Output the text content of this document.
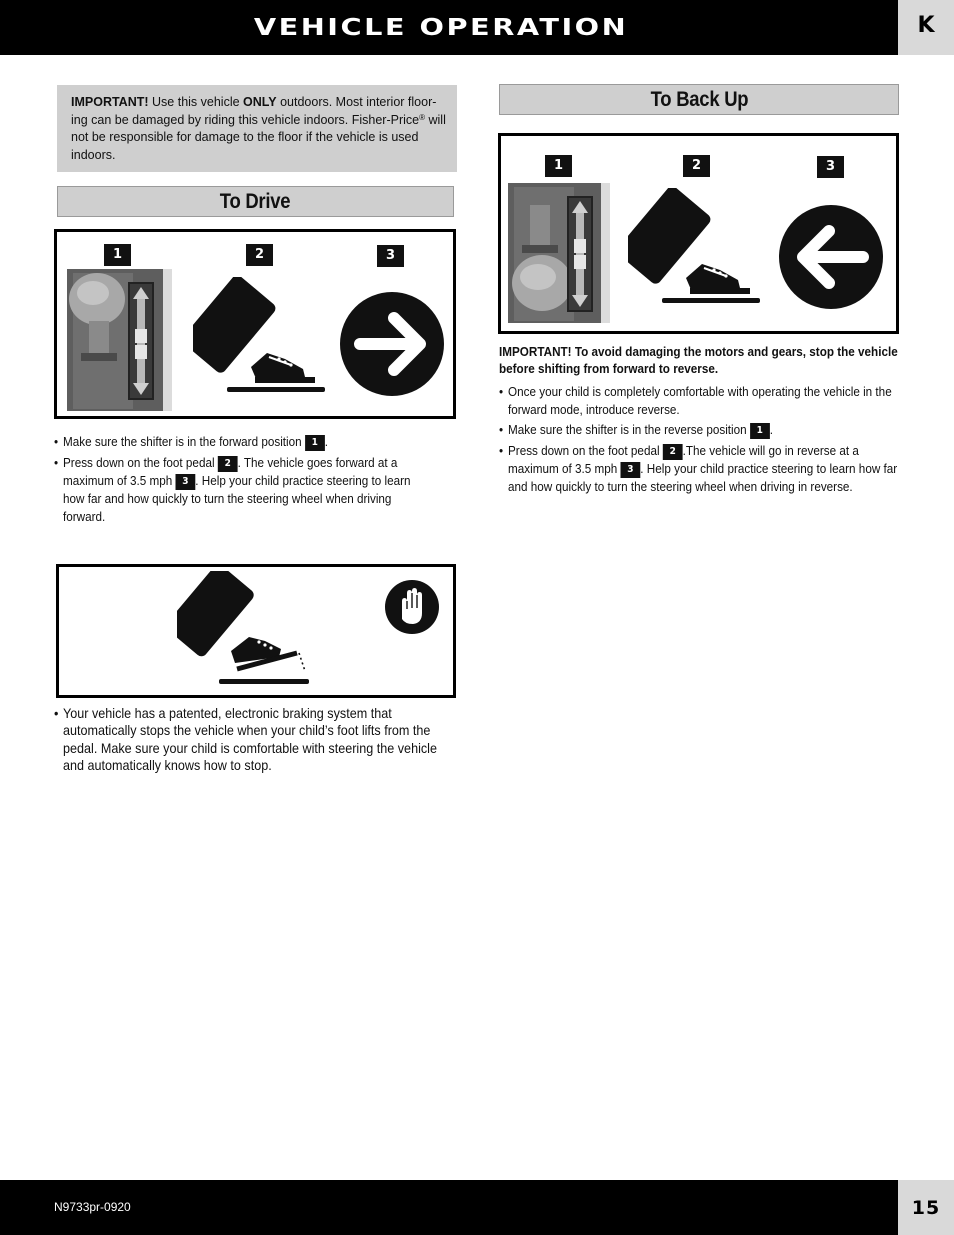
VEHICLE OPERATION	K
IMPORTANT! Use this vehicle ONLY outdoors. Most interior floor-ing can be damaged by riding this vehicle indoors. Fisher-Price® will not be responsible for damage to the floor if the vehicle is used indoors.
To Drive
1	2	3
• Make sure the shifter is in the forward position 1 .
• Press down on the foot pedal 2 . The vehicle goes forward at a maximum of 3.5 mph 3 . Help your child practice steering to learn how far and how quickly to turn the steering wheel when driving forward.
• Your vehicle has a patented, electronic braking system that automatically stops the vehicle when your child’s foot lifts from the pedal. Make sure your child is comfortable with steering the vehicle and automatically knows how to stop.
To Back Up
1	2	3
IMPORTANT! To avoid damaging the motors and gears, stop the vehicle before shifting from forward to reverse.
• Once your child is completely comfortable with operating the vehicle in the forward mode, introduce reverse.
• Make sure the shifter is in the reverse position 1 .
• Press down on the foot pedal 2 .The vehicle will go in reverse at a maximum of 3.5 mph 3 . Help your child practice steering to learn how far and how quickly to turn the steering wheel when driving in reverse.
N9733pr-0920	15
